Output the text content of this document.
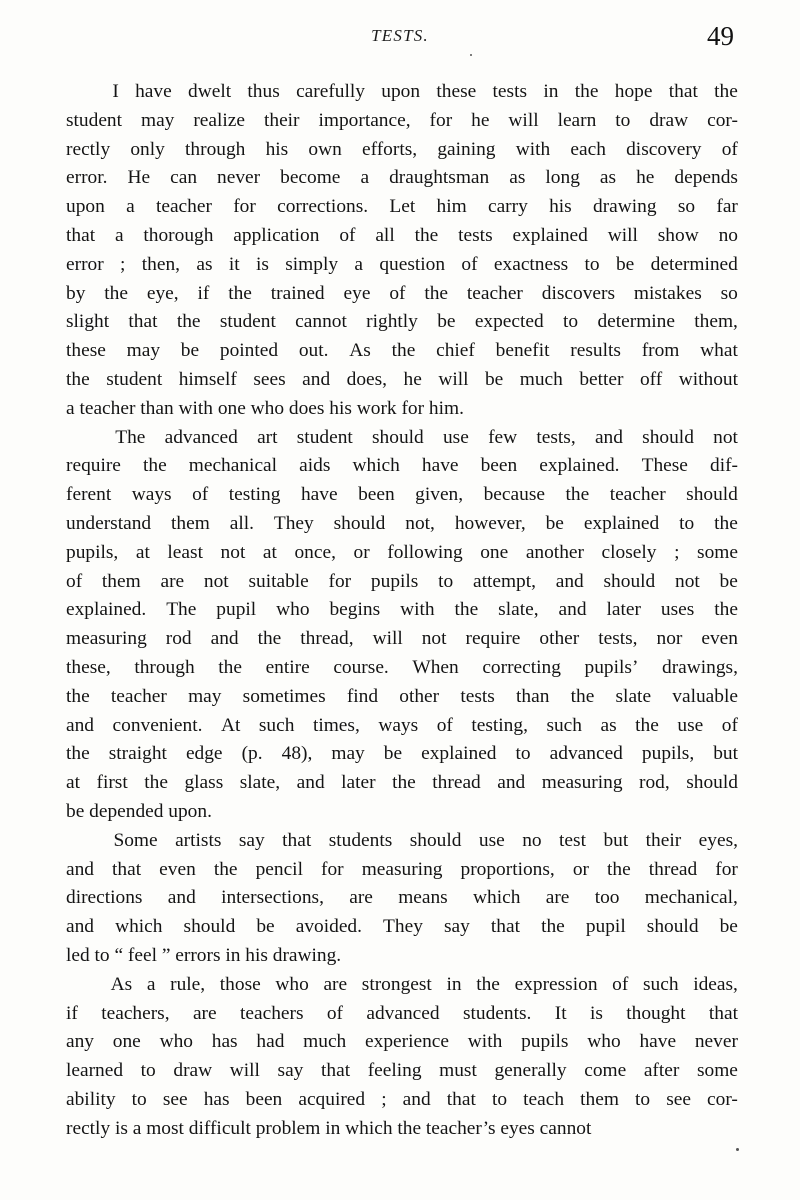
TESTS.	49

I have dwelt thus carefully upon these tests in the hope that the
student may realize their importance, for he will learn to draw cor-
rectly only through his own efforts, gaining with each discovery of
error. He can never become a draughtsman as long as he depends
upon a teacher for corrections. Let him carry his drawing so far
that a thorough application of all the tests explained will show no
error ; then, as it is simply a question of exactness to be determined
by the eye, if the trained eye of the teacher discovers mistakes so
slight that the student cannot rightly be expected to determine them,
these may be pointed out. As the chief benefit results from what
the student himself sees and does, he will be much better off without
a teacher than with one who does his work for him.

The advanced art student should use few tests, and should not
require the mechanical aids which have been explained. These dif-
ferent ways of testing have been given, because the teacher should
understand them all. They should not, however, be explained to the
pupils, at least not at once, or following one another closely ; some
of them are not suitable for pupils to attempt, and should not be
explained. The pupil who begins with the slate, and later uses the
measuring rod and the thread, will not require other tests, nor even
these, through the entire course. When correcting pupils’ drawings,
the teacher may sometimes find other tests than the slate valuable
and convenient. At such times, ways of testing, such as the use of
the straight edge (p. 48), may be explained to advanced pupils, but
at first the glass slate, and later the thread and measuring rod, should
be depended upon.

Some artists say that students should use no test but their eyes,
and that even the pencil for measuring proportions, or the thread for
directions and intersections, are means which are too mechanical,
and which should be avoided. They say that the pupil should be
led to “ feel ” errors in his drawing.

As a rule, those who are strongest in the expression of such ideas,
if teachers, are teachers of advanced students. It is thought that
any one who has had much experience with pupils who have never
learned to draw will say that feeling must generally come after some
ability to see has been acquired ; and that to teach them to see cor-
rectly is a most difficult problem in which the teacher’s eyes cannot
